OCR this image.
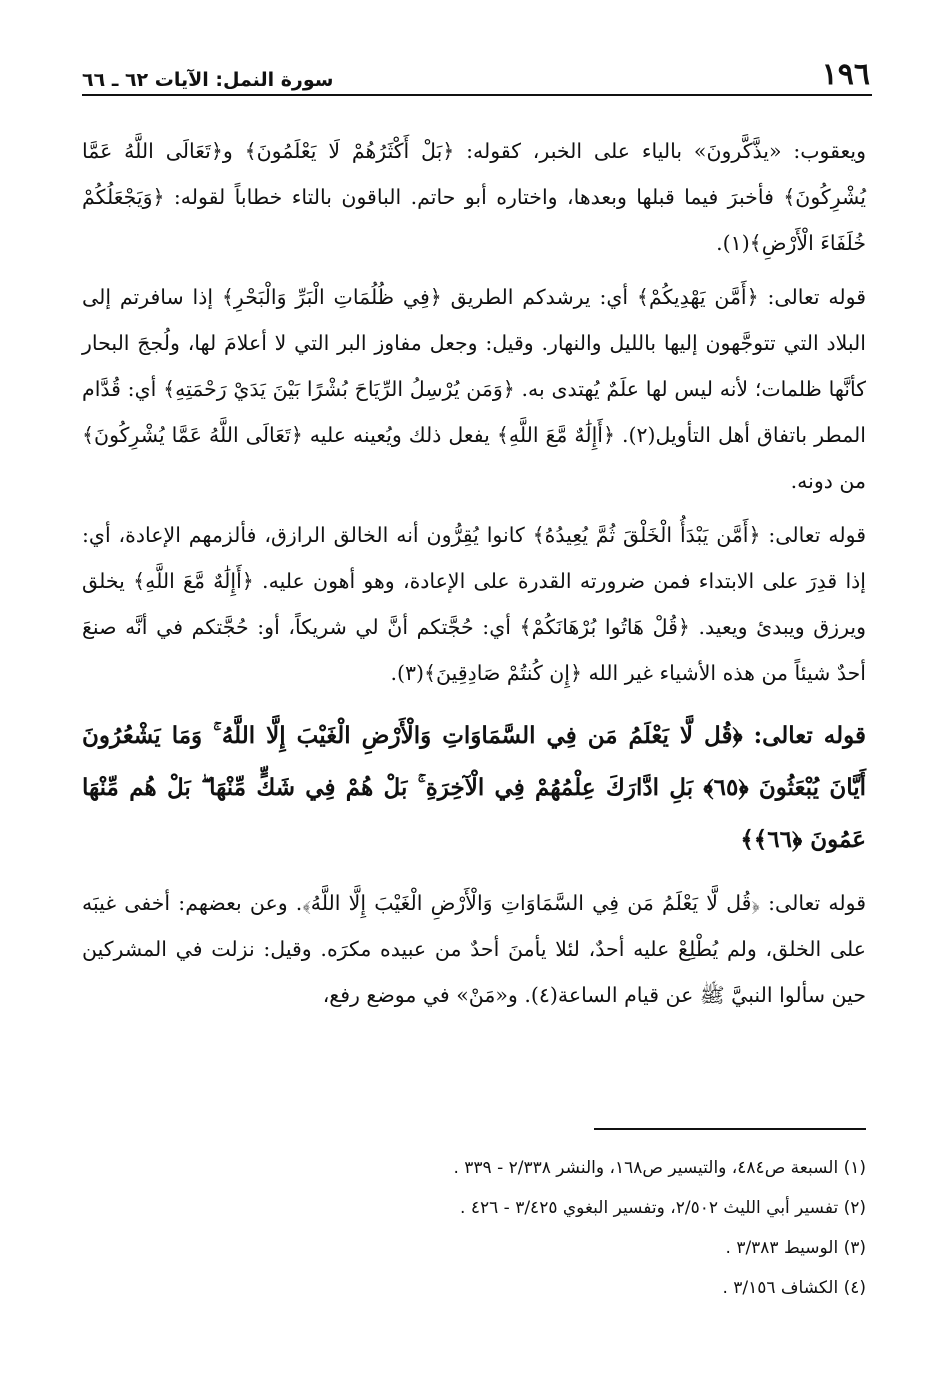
١٩٦
سورة النمل: الآيات ٦٢ ـ ٦٦

ويعقوب: «يذَّكَّرونَ» بالياء على الخبر، كقوله: ﴿بَلْ أَكْثَرُهُمْ لَا يَعْلَمُونَ﴾ و﴿تَعَالَى اللَّهُ عَمَّا يُشْرِكُونَ﴾ فأخبرَ فيما قبلها وبعدها، واختاره أبو حاتم. الباقون بالتاء خطاباً لقوله: ﴿وَيَجْعَلُكُمْ خُلَفَاءَ الْأَرْضِ﴾(١).

قوله تعالى: ﴿أَمَّن يَهْدِيكُمْ﴾ أي: يرشدكم الطريق ﴿فِي ظُلُمَاتِ الْبَرِّ وَالْبَحْرِ﴾ إذا سافرتم إلى البلاد التي تتوجَّهون إليها بالليل والنهار. وقيل: وجعل مفاوز البر التي لا أعلامَ لها، ولُججَ البحار كأنَّها ظلمات؛ لأنه ليس لها علَمٌ يُهتدى به. ﴿وَمَن يُرْسِلُ الرِّيَاحَ بُشْرًا بَيْنَ يَدَيْ رَحْمَتِهِ﴾ أي: قُدَّام المطر باتفاق أهل التأويل(٢). ﴿أَإِلَٰهٌ مَّعَ اللَّهِ﴾ يفعل ذلك ويُعينه عليه ﴿تَعَالَى اللَّهُ عَمَّا يُشْرِكُونَ﴾ من دونه.

قوله تعالى: ﴿أَمَّن يَبْدَأُ الْخَلْقَ ثُمَّ يُعِيدُهُ﴾ كانوا يُقِرُّون أنه الخالق الرازق، فألزمهم الإعادة، أي: إذا قدِرَ على الابتداء فمن ضرورته القدرة على الإعادة، وهو أهون عليه. ﴿أَإِلَٰهٌ مَّعَ اللَّهِ﴾ يخلق ويرزق ويبدئ ويعيد. ﴿قُلْ هَاتُوا بُرْهَانَكُمْ﴾ أي: حُجَّتكم أنَّ لي شريكاً، أو: حُجَّتكم في أنَّه صنعَ أحدٌ شيئاً من هذه الأشياء غير الله ﴿إِن كُنتُمْ صَادِقِينَ﴾(٣).

قوله تعالى: ﴿قُل لَّا يَعْلَمُ مَن فِي السَّمَاوَاتِ وَالْأَرْضِ الْغَيْبَ إِلَّا اللَّهُ ۚ وَمَا يَشْعُرُونَ أَيَّانَ يُبْعَثُونَ ﴿٦٥﴾ بَلِ ادَّارَكَ عِلْمُهُمْ فِي الْآخِرَةِ ۚ بَلْ هُمْ فِي شَكٍّ مِّنْهَا ۖ بَلْ هُم مِّنْهَا عَمُونَ ﴿٦٦﴾﴾

قوله تعالى: ﴿قُل لَّا يَعْلَمُ مَن فِي السَّمَاوَاتِ وَالْأَرْضِ الْغَيْبَ إِلَّا اللَّهُ﴾. وعن بعضهم: أخفى غيبَه على الخلق، ولم يُطْلِعْ عليه أحدٌ، لئلا يأمنَ أحدٌ من عبيده مكرَه. وقيل: نزلت في المشركين حين سألوا النبيَّ ﷺ عن قيام الساعة(٤). و«مَنْ» في موضع رفع،

(١) السبعة ص٤٨٤، والتيسير ص١٦٨، والنشر ٢/٣٣٨ - ٣٣٩ .

(٢) تفسير أبي الليث ٢/٥٠٢، وتفسير البغوي ٣/٤٢٥ - ٤٢٦ .

(٣) الوسيط ٣/٣٨٣ .

(٤) الكشاف ٣/١٥٦ .
